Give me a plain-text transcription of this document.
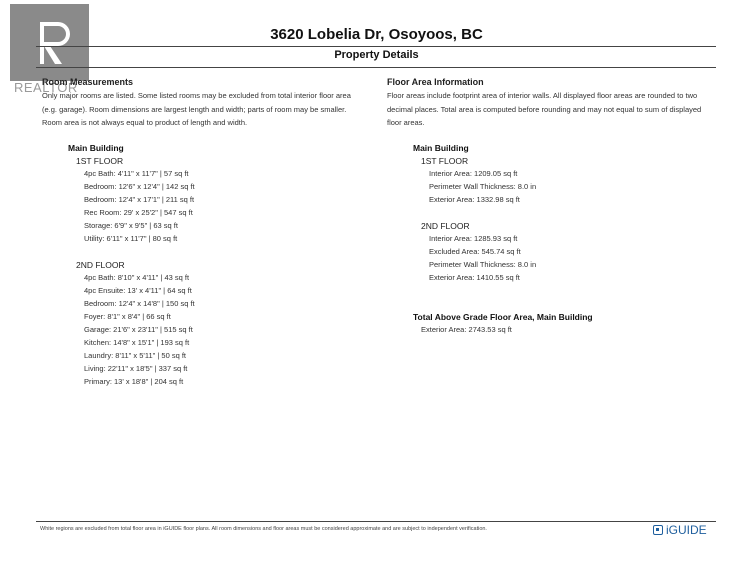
REALTOR
3620 Lobelia Dr, Osoyoos, BC
Property Details
Room Measurements
Only major rooms are listed. Some listed rooms may be excluded from total interior floor area
(e.g. garage). Room dimensions are largest length and width; parts of room may be smaller.
Room area is not always equal to product of length and width.
Main Building
1ST FLOOR
4pc Bath: 4'11" x 11'7" | 57 sq ft
Bedroom: 12'6" x 12'4" | 142 sq ft
Bedroom: 12'4" x 17'1" | 211 sq ft
Rec Room: 29' x 25'2" | 547 sq ft
Storage: 6'9" x 9'5" | 63 sq ft
Utility: 6'11" x 11'7" | 80 sq ft
2ND FLOOR
4pc Bath: 8'10" x 4'11" | 43 sq ft
4pc Ensuite: 13' x 4'11" | 64 sq ft
Bedroom: 12'4" x 14'8" | 150 sq ft
Foyer: 8'1" x 8'4" | 66 sq ft
Garage: 21'6" x 23'11" | 515 sq ft
Kitchen: 14'8" x 15'1" | 193 sq ft
Laundry: 8'11" x 5'11" | 50 sq ft
Living: 22'11" x 18'5" | 337 sq ft
Primary: 13' x 18'8" | 204 sq ft
Floor Area Information
Floor areas include footprint area of interior walls. All displayed floor areas are rounded to two
decimal places. Total area is computed before rounding and may not equal to sum of displayed
floor areas.
Main Building
1ST FLOOR
Interior Area: 1209.05 sq ft
Perimeter Wall Thickness: 8.0 in
Exterior Area: 1332.98 sq ft
2ND FLOOR
Interior Area: 1285.93 sq ft
Excluded Area: 545.74 sq ft
Perimeter Wall Thickness: 8.0 in
Exterior Area: 1410.55 sq ft
Total Above Grade Floor Area, Main Building
Exterior Area: 2743.53 sq ft
White regions are excluded from total floor area in iGUIDE floor plans. All room dimensions and floor areas must be considered approximate and are subject to independent verification.	iGUIDE
